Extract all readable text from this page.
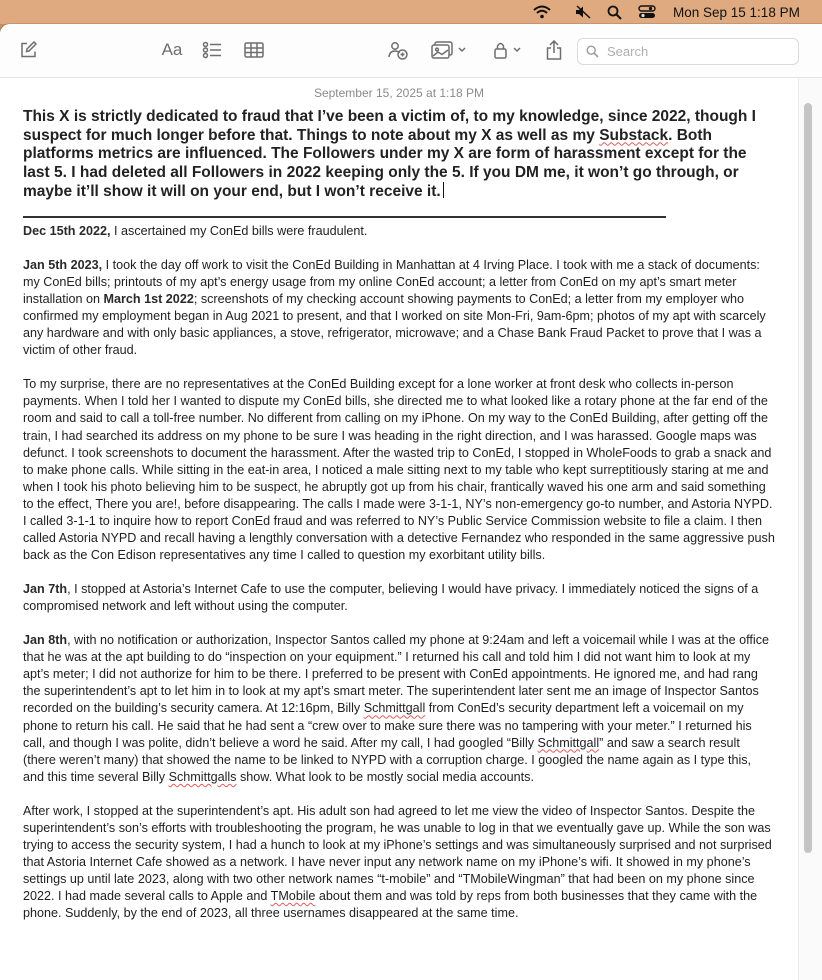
Mon Sep 15 1:18 PM
Aa
Search
September 15, 2025 at 1:18 PM

This X is strictly dedicated to fraud that I’ve been a victim of, to my knowledge, since 2022, though I suspect for much longer before that. Things to note about my X as well as my Substack. Both platforms metrics are influenced. The Followers under my X are form of harassment except for the last 5. I had deleted all Followers in 2022 keeping only the 5. If you DM me, it won’t go through, or maybe it’ll show it will on your end, but I won’t receive it.

Dec 15th 2022, I ascertained my ConEd bills were fraudulent.

Jan 5th 2023, I took the day off work to visit the ConEd Building in Manhattan at 4 Irving Place. I took with me a stack of documents: my ConEd bills; printouts of my apt’s energy usage from my online ConEd account; a letter from ConEd on my apt’s smart meter installation on March 1st 2022; screenshots of my checking account showing payments to ConEd; a letter from my employer who confirmed my employment began in Aug 2021 to present, and that I worked on site Mon-Fri, 9am-6pm; photos of my apt with scarcely any hardware and with only basic appliances, a stove, refrigerator, microwave; and a Chase Bank Fraud Packet to prove that I was a victim of other fraud.

To my surprise, there are no representatives at the ConEd Building except for a lone worker at front desk who collects in-person payments. When I told her I wanted to dispute my ConEd bills, she directed me to what looked like a rotary phone at the far end of the room and said to call a toll-free number. No different from calling on my iPhone. On my way to the ConEd Building, after getting off the train, I had searched its address on my phone to be sure I was heading in the right direction, and I was harassed. Google maps was defunct. I took screenshots to document the harassment. After the wasted trip to ConEd, I stopped in WholeFoods to grab a snack and to make phone calls. While sitting in the eat-in area, I noticed a male sitting next to my table who kept surreptitiously staring at me and when I took his photo believing him to be suspect, he abruptly got up from his chair, frantically waved his one arm and said something to the effect, There you are!, before disappearing. The calls I made were 3-1-1, NY’s non-emergency go-to number, and Astoria NYPD. I called 3-1-1 to inquire how to report ConEd fraud and was referred to NY’s Public Service Commission website to file a claim. I then called Astoria NYPD and recall having a lengthly conversation with a detective Fernandez who responded in the same aggressive push back as the Con Edison representatives any time I called to question my exorbitant utility bills.

Jan 7th, I stopped at Astoria’s Internet Cafe to use the computer, believing I would have privacy. I immediately noticed the signs of a compromised network and left without using the computer.

Jan 8th, with no notification or authorization, Inspector Santos called my phone at 9:24am and left a voicemail while I was at the office that he was at the apt building to do “inspection on your equipment.” I returned his call and told him I did not want him to look at my apt’s meter; I did not authorize for him to be there. I preferred to be present with ConEd appointments. He ignored me, and had rang the superintendent’s apt to let him in to look at my apt’s smart meter. The superintendent later sent me an image of Inspector Santos recorded on the building’s security camera. At 12:16pm, Billy Schmittgall from ConEd’s security department left a voicemail on my phone to return his call. He said that he had sent a “crew over to make sure there was no tampering with your meter.” I returned his call, and though I was polite, didn’t believe a word he said. After my call, I had googled “Billy Schmittgall” and saw a search result (there weren’t many) that showed the name to be linked to NYPD with a corruption charge. I googled the name again as I type this, and this time several Billy Schmittgalls show. What look to be mostly social media accounts.

After work, I stopped at the superintendent’s apt. His adult son had agreed to let me view the video of Inspector Santos. Despite the superintendent’s son’s efforts with troubleshooting the program, he was unable to log in that we eventually gave up. While the son was trying to access the security system, I had a hunch to look at my iPhone’s settings and was simultaneously surprised and not surprised that Astoria Internet Cafe showed as a network. I have never input any network name on my iPhone’s wifi. It showed in my phone’s settings up until late 2023, along with two other network names “t-mobile” and “TMobileWingman” that had been on my phone since 2022. I had made several calls to Apple and TMobile about them and was told by reps from both businesses that they came with the phone. Suddenly, by the end of 2023, all three usernames disappeared at the same time.
